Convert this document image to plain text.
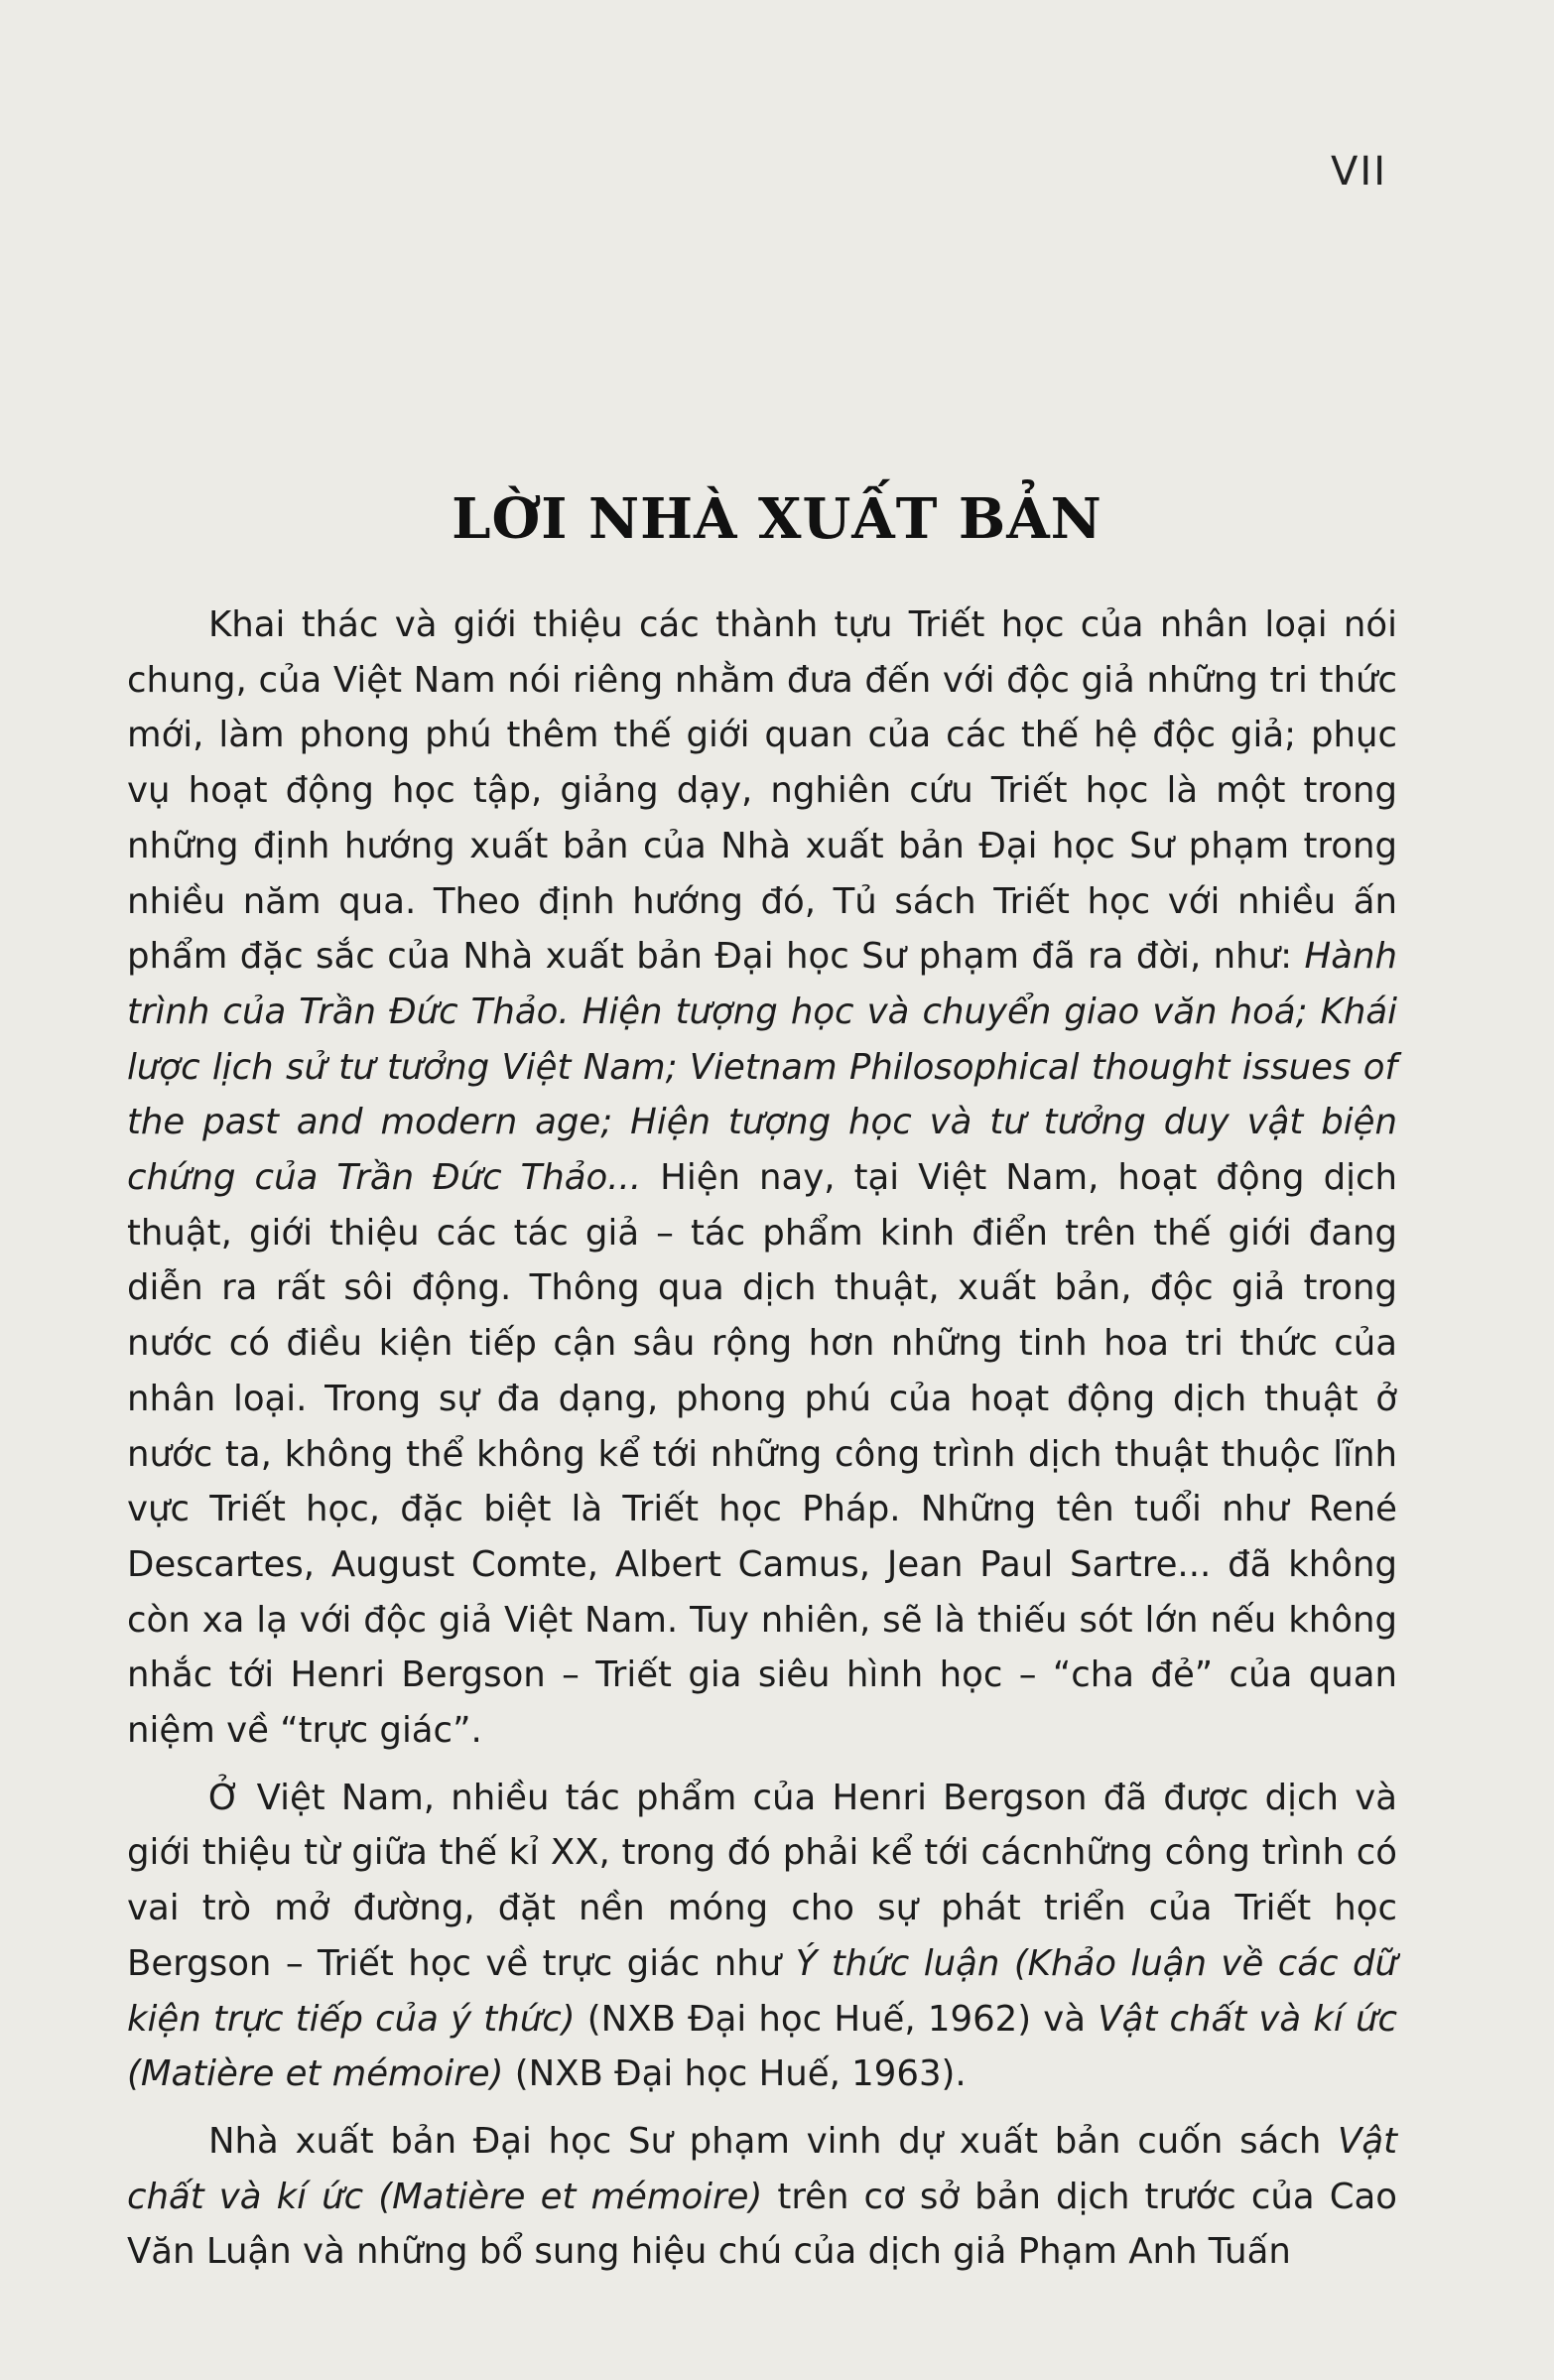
VII
LỜI NHÀ XUẤT BẢN

Khai thác và giới thiệu các thành tựu Triết học của nhân loại nói chung, của Việt Nam nói riêng nhằm đưa đến với độc giả những tri thức mới, làm phong phú thêm thế giới quan của các thế hệ độc giả; phục vụ hoạt động học tập, giảng dạy, nghiên cứu Triết học là một trong những định hướng xuất bản của Nhà xuất bản Đại học Sư phạm trong nhiều năm qua. Theo định hướng đó, Tủ sách Triết học với nhiều ấn phẩm đặc sắc của Nhà xuất bản Đại học Sư phạm đã ra đời, như: Hành trình của Trần Đức Thảo. Hiện tượng học và chuyển giao văn hoá; Khái lược lịch sử tư tưởng Việt Nam; Vietnam Philosophical thought issues of the past and modern age; Hiện tượng học và tư tưởng duy vật biện chứng của Trần Đức Thảo... Hiện nay, tại Việt Nam, hoạt động dịch thuật, giới thiệu các tác giả – tác phẩm kinh điển trên thế giới đang diễn ra rất sôi động. Thông qua dịch thuật, xuất bản, độc giả trong nước có điều kiện tiếp cận sâu rộng hơn những tinh hoa tri thức của nhân loại. Trong sự đa dạng, phong phú của hoạt động dịch thuật ở nước ta, không thể không kể tới những công trình dịch thuật thuộc lĩnh vực Triết học, đặc biệt là Triết học Pháp. Những tên tuổi như René Descartes, August Comte, Albert Camus, Jean Paul Sartre... đã không còn xa lạ với độc giả Việt Nam. Tuy nhiên, sẽ là thiếu sót lớn nếu không nhắc tới Henri Bergson – Triết gia siêu hình học – “cha đẻ” của quan niệm về “trực giác”.

Ở Việt Nam, nhiều tác phẩm của Henri Bergson đã được dịch và giới thiệu từ giữa thế kỉ XX, trong đó phải kể tới cácnhững công trình có vai trò mở đường, đặt nền móng cho sự phát triển của Triết học Bergson – Triết học về trực giác như Ý thức luận (Khảo luận về các dữ kiện trực tiếp của ý thức) (NXB Đại học Huế, 1962) và Vật chất và kí ức (Matière et mémoire) (NXB Đại học Huế, 1963).

Nhà xuất bản Đại học Sư phạm vinh dự xuất bản cuốn sách Vật chất và kí ức (Matière et mémoire) trên cơ sở bản dịch trước của Cao Văn Luận và những bổ sung hiệu chú của dịch giả Phạm Anh Tuấn
